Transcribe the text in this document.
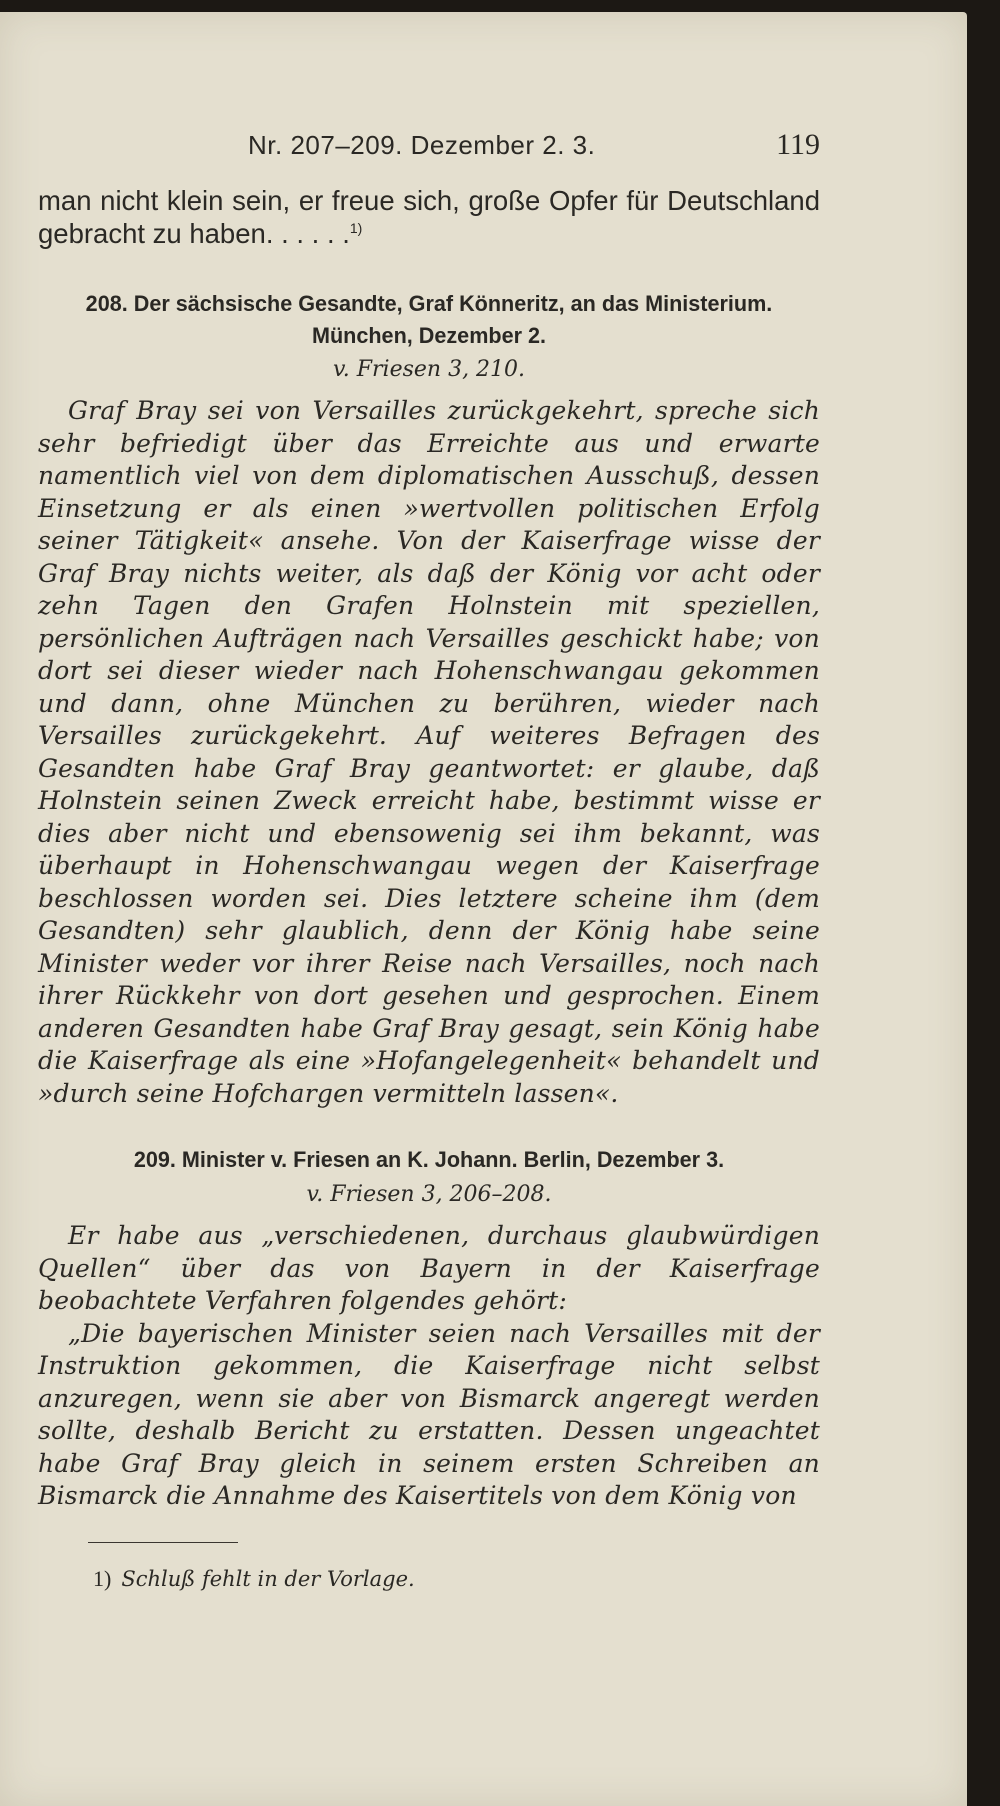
Nr. 207–209. Dezember 2. 3.	119
man nicht klein sein, er freue sich, große Opfer für Deutschland gebracht zu haben. . . . . .$^{1)}$
208. Der sächsische Gesandte, Graf Könneritz, an das Ministerium.
München, Dezember 2.
v. Friesen 3, 210.

Graf Bray sei von Versailles zurückgekehrt, spreche sich sehr befriedigt über das Erreichte aus und erwarte namentlich viel von dem diplomatischen Ausschuß, dessen Einsetzung er als einen »wertvollen politischen Erfolg seiner Tätigkeit« ansehe. Von der Kaiserfrage wisse der Graf Bray nichts weiter, als daß der König vor acht oder zehn Tagen den Grafen Holnstein mit speziellen, persönlichen Aufträgen nach Versailles geschickt habe; von dort sei dieser wieder nach Hohenschwangau gekommen und dann, ohne München zu berühren, wieder nach Versailles zurückgekehrt. Auf weiteres Befragen des Gesandten habe Graf Bray geantwortet: er glaube, daß Holnstein seinen Zweck erreicht habe, bestimmt wisse er dies aber nicht und ebensowenig sei ihm bekannt, was überhaupt in Hohenschwangau wegen der Kaiserfrage beschlossen worden sei. Dies letztere scheine ihm (dem Gesandten) sehr glaublich, denn der König habe seine Minister weder vor ihrer Reise nach Versailles, noch nach ihrer Rückkehr von dort gesehen und gesprochen. Einem anderen Gesandten habe Graf Bray gesagt, sein König habe die Kaiserfrage als eine »Hofangelegenheit« behandelt und »durch seine Hofchargen vermitteln lassen«.

209. Minister v. Friesen an K. Johann. Berlin, Dezember 3.
v. Friesen 3, 206–208.

Er habe aus „verschiedenen, durchaus glaubwürdigen Quellen“ über das von Bayern in der Kaiserfrage beobachtete Verfahren folgendes gehört:

„Die bayerischen Minister seien nach Versailles mit der Instruktion gekommen, die Kaiserfrage nicht selbst anzuregen, wenn sie aber von Bismarck angeregt werden sollte, deshalb Bericht zu erstatten. Dessen ungeachtet habe Graf Bray gleich in seinem ersten Schreiben an Bismarck die Annahme des Kaisertitels von dem König von

1) Schluß fehlt in der Vorlage.
